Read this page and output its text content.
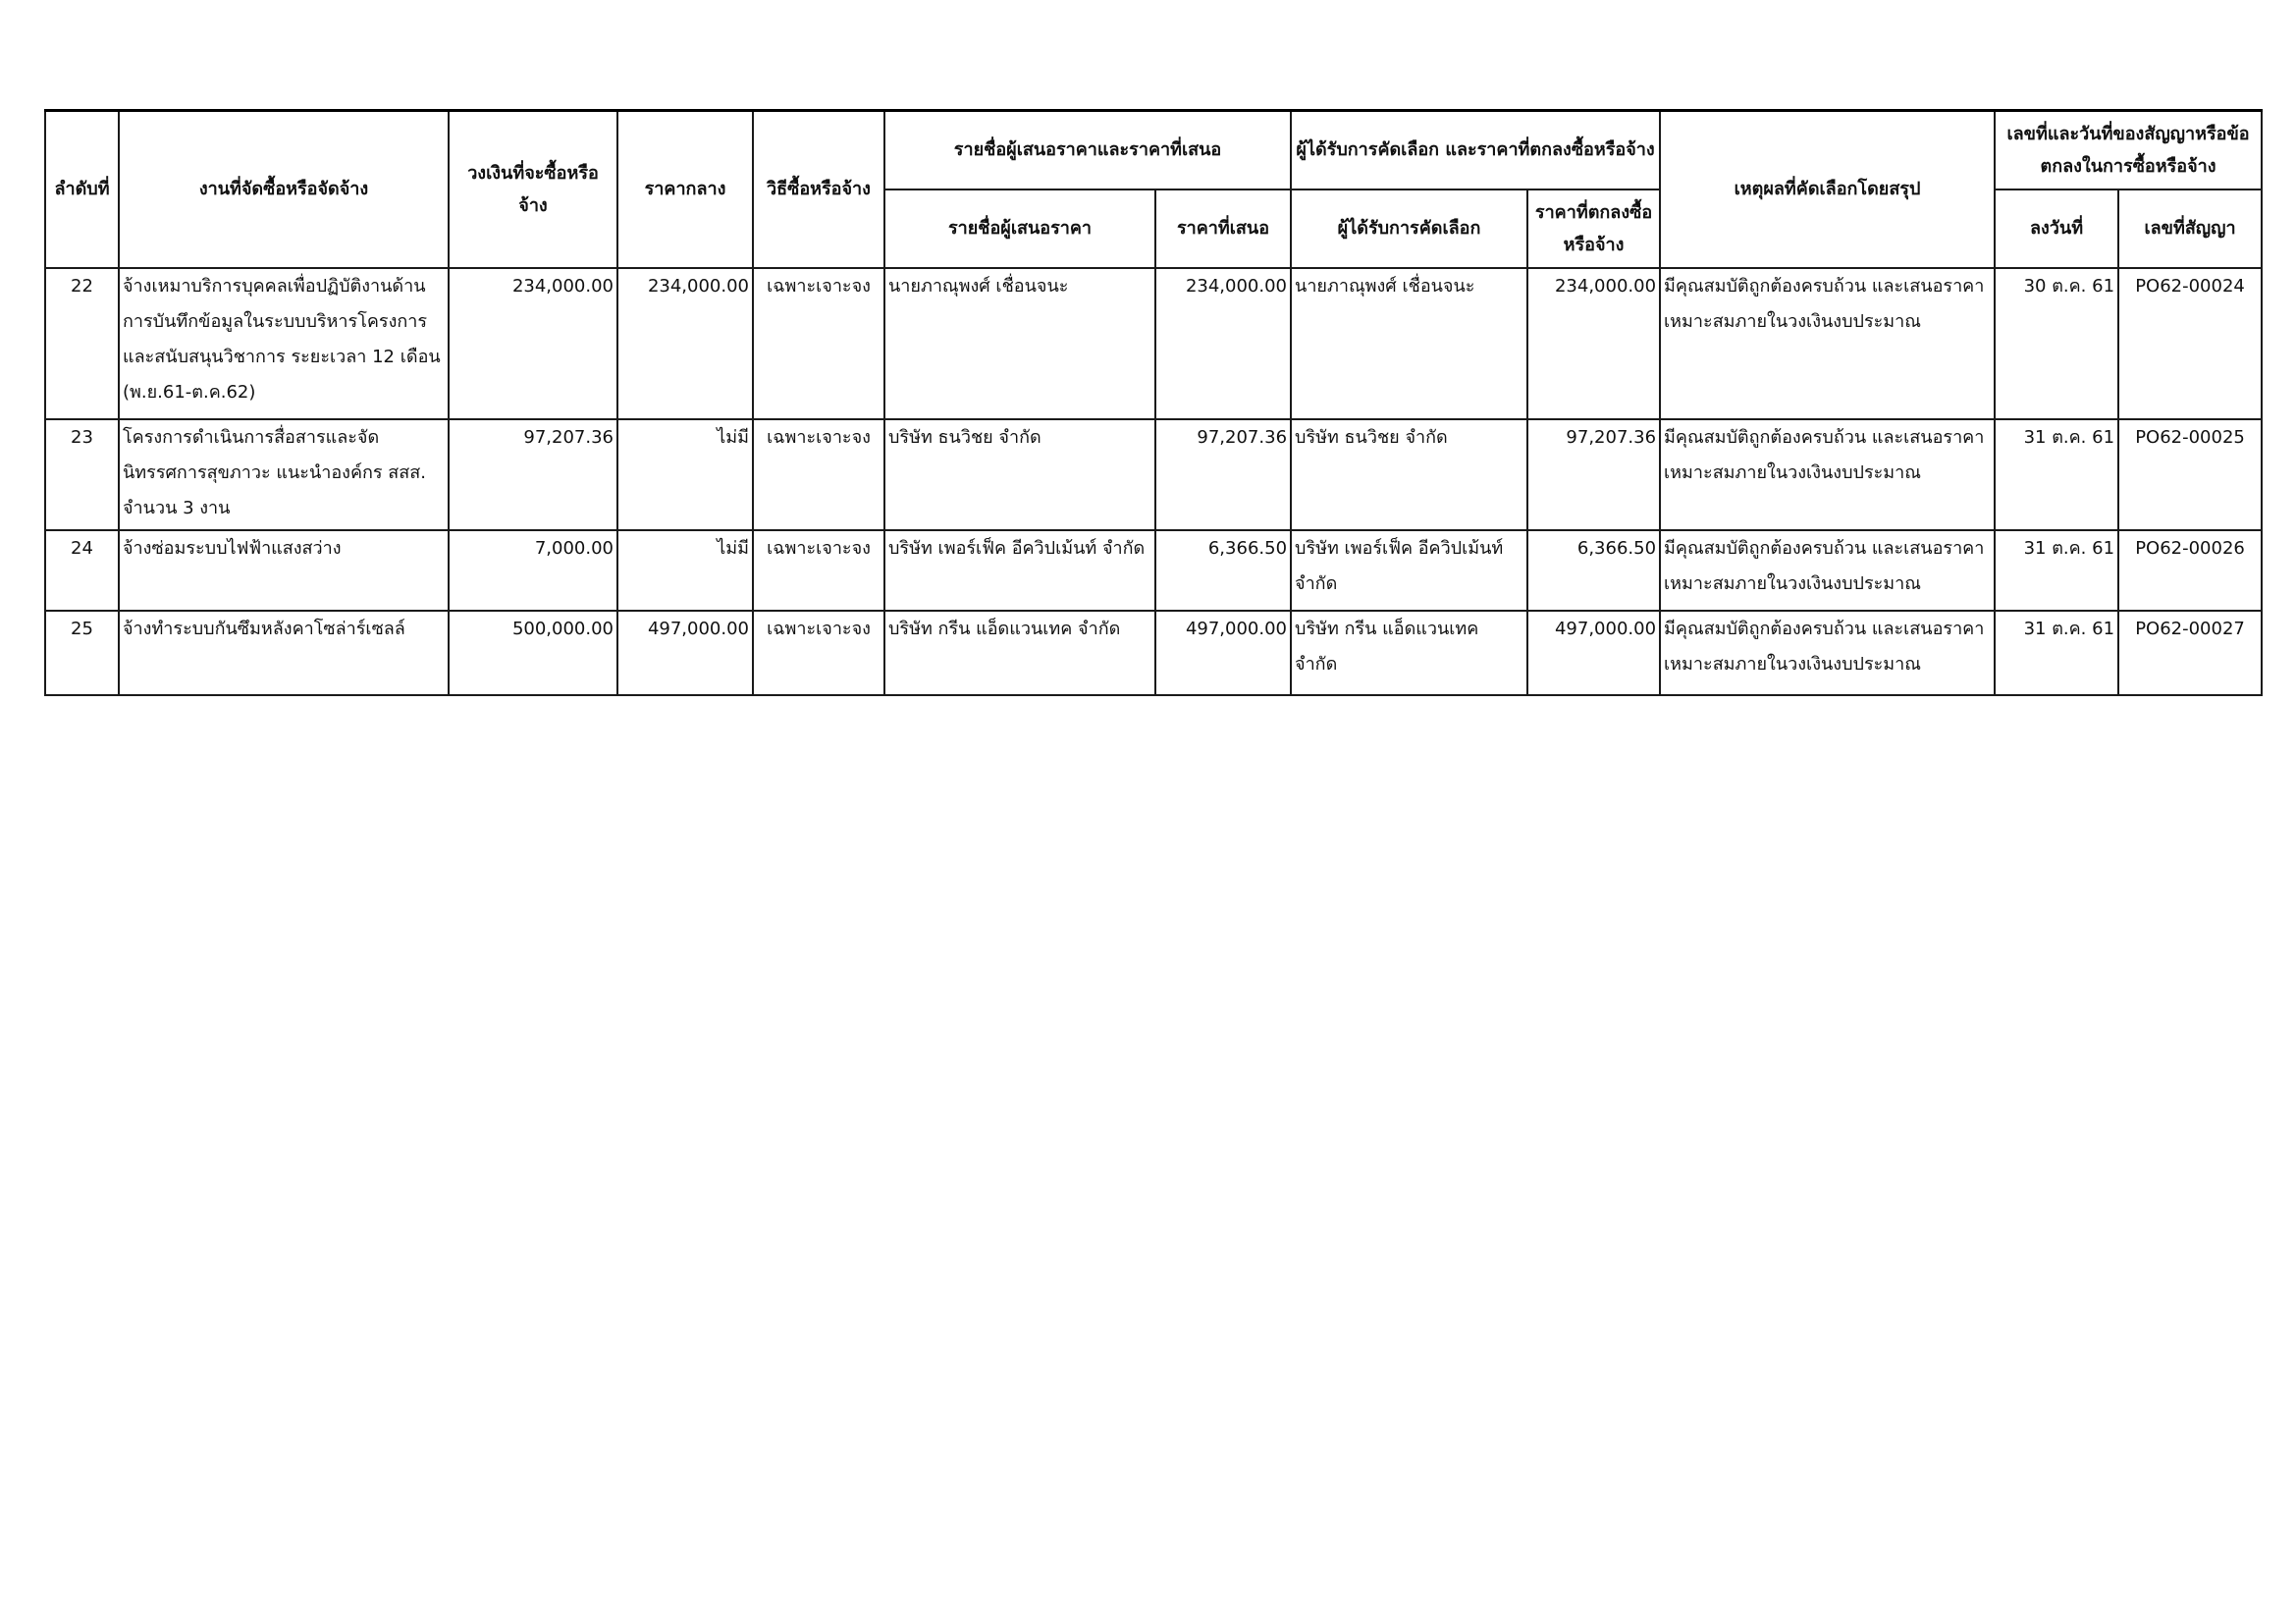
ลำดับที่	งานที่จัดซื้อหรือจัดจ้าง	วงเงินที่จะซื้อหรือจ้าง	ราคากลาง	วิธีซื้อหรือจ้าง	รายชื่อผู้เสนอราคาและราคาที่เสนอ		ผู้ได้รับการคัดเลือก และราคาที่ตกลงซื้อหรือจ้าง		เหตุผลที่คัดเลือกโดยสรุป	เลขที่และวันที่ของสัญญาหรือข้อตกลงในการซื้อหรือจ้าง	
					รายชื่อผู้เสนอราคา	ราคาที่เสนอ	ผู้ได้รับการคัดเลือก	ราคาที่ตกลงซื้อหรือจ้าง		ลงวันที่	เลขที่สัญญา
22	จ้างเหมาบริการบุคคลเพื่อปฏิบัติงานด้านการบันทึกข้อมูลในระบบบริหารโครงการและสนับสนุนวิชาการ ระยะเวลา 12 เดือน (พ.ย.61-ต.ค.62)	234,000.00	234,000.00	เฉพาะเจาะจง	นายภาณุพงศ์ เชื่อนจนะ	234,000.00	นายภาณุพงศ์ เชื่อนจนะ	234,000.00	มีคุณสมบัติถูกต้องครบถ้วน และเสนอราคาเหมาะสมภายในวงเงินงบประมาณ	30 ต.ค. 61	PO62-00024
23	โครงการดำเนินการสื่อสารและจัดนิทรรศการสุขภาวะ แนะนำองค์กร สสส. จำนวน 3 งาน	97,207.36	ไม่มี	เฉพาะเจาะจง	บริษัท ธนวิชย จำกัด	97,207.36	บริษัท ธนวิชย จำกัด	97,207.36	มีคุณสมบัติถูกต้องครบถ้วน และเสนอราคาเหมาะสมภายในวงเงินงบประมาณ	31 ต.ค. 61	PO62-00025
24	จ้างซ่อมระบบไฟฟ้าแสงสว่าง	7,000.00	ไม่มี	เฉพาะเจาะจง	บริษัท เพอร์เฟ็ค อีควิปเม้นท์ จำกัด	6,366.50	บริษัท เพอร์เฟ็ค อีควิปเม้นท์ จำกัด	6,366.50	มีคุณสมบัติถูกต้องครบถ้วน และเสนอราคาเหมาะสมภายในวงเงินงบประมาณ	31 ต.ค. 61	PO62-00026
25	จ้างทำระบบกันซึมหลังคาโซล่าร์เซลล์	500,000.00	497,000.00	เฉพาะเจาะจง	บริษัท กรีน แอ็ดแวนเทค จำกัด	497,000.00	บริษัท กรีน แอ็ดแวนเทค จำกัด	497,000.00	มีคุณสมบัติถูกต้องครบถ้วน และเสนอราคาเหมาะสมภายในวงเงินงบประมาณ	31 ต.ค. 61	PO62-00027
